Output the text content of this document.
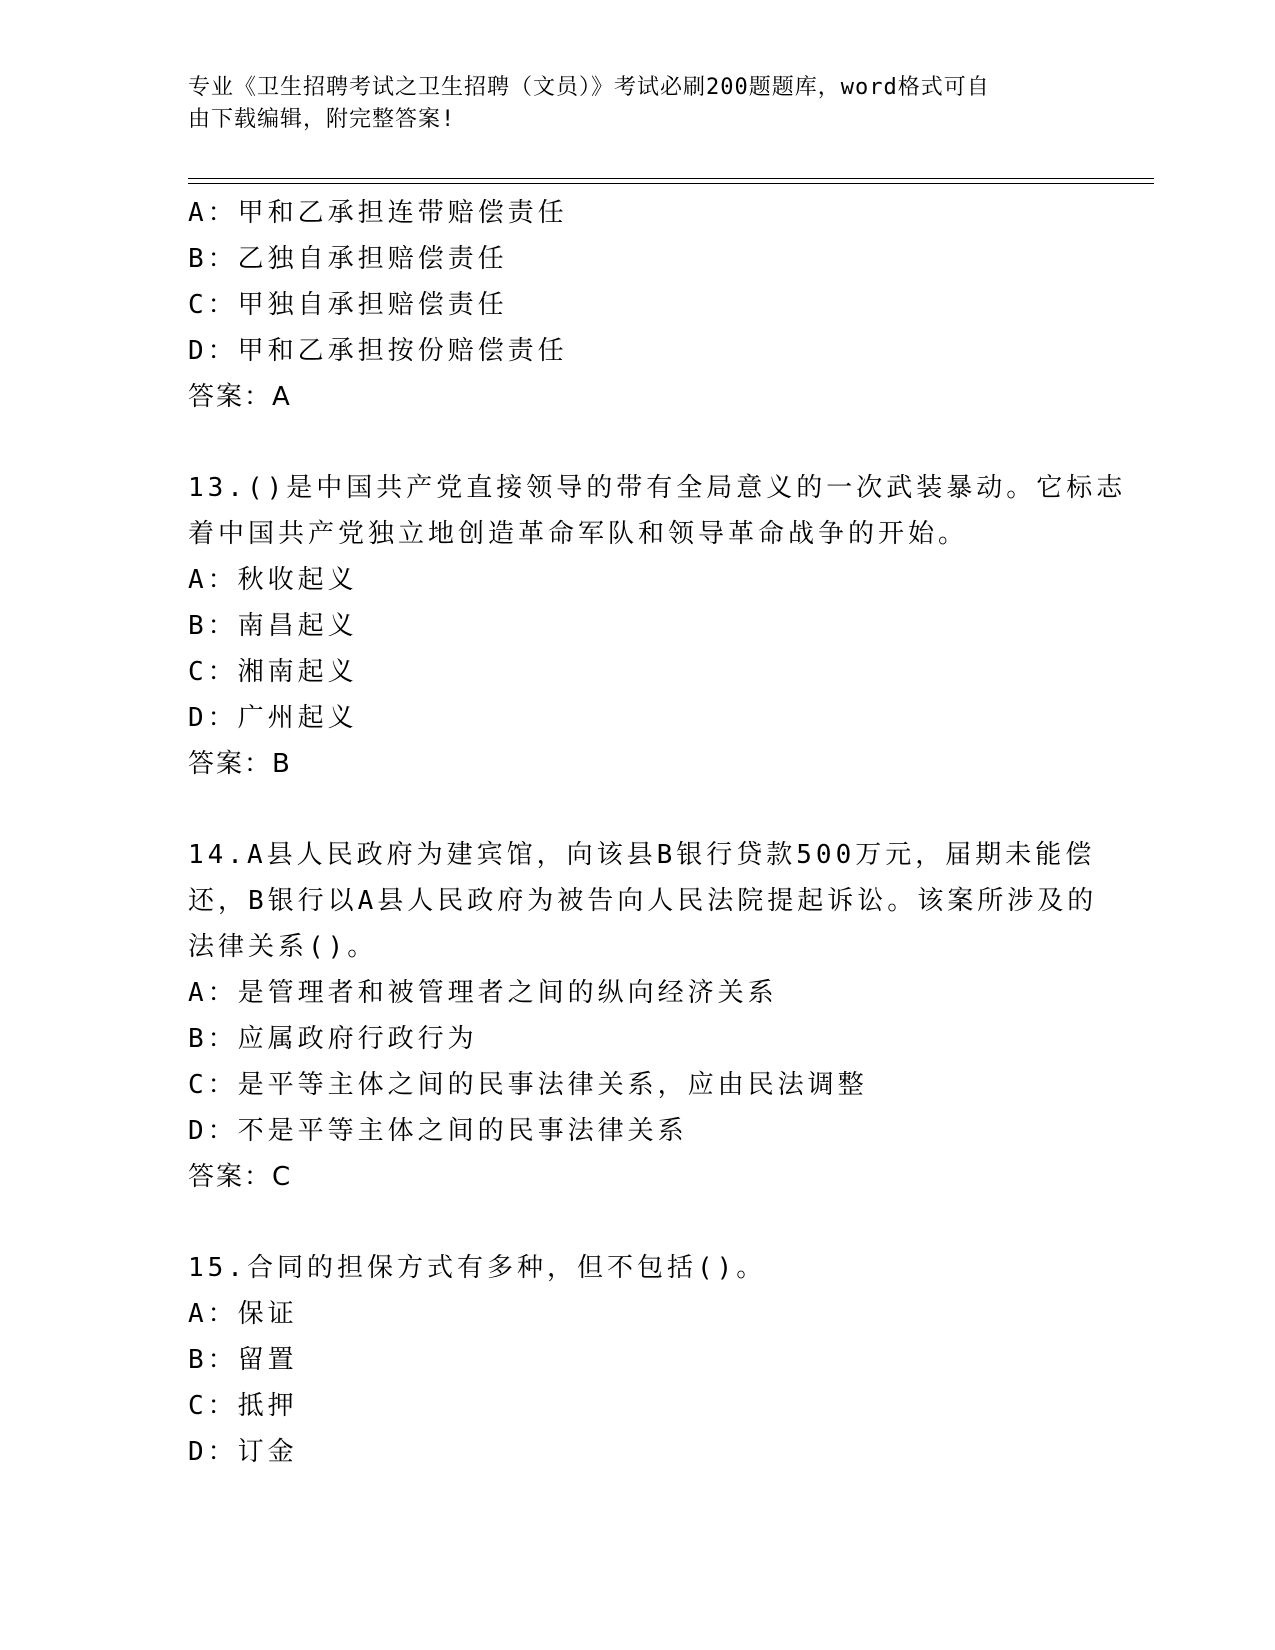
专业《卫生招聘考试之卫生招聘（文员）》考试必刷200题题库，word格式可自
由下载编辑，附完整答案!
A：甲和乙承担连带赔偿责任
B：乙独自承担赔偿责任
C：甲独自承担赔偿责任
D：甲和乙承担按份赔偿责任
答案：A
13.()是中国共产党直接领导的带有全局意义的一次武装暴动。它标志
着中国共产党独立地创造革命军队和领导革命战争的开始。
A：秋收起义
B：南昌起义
C：湘南起义
D：广州起义
答案：B
14.A县人民政府为建宾馆，向该县B银行贷款500万元，届期未能偿
还，B银行以A县人民政府为被告向人民法院提起诉讼。该案所涉及的
法律关系()。
A：是管理者和被管理者之间的纵向经济关系
B：应属政府行政行为
C：是平等主体之间的民事法律关系，应由民法调整
D：不是平等主体之间的民事法律关系
答案：C
15.合同的担保方式有多种，但不包括()。
A：保证
B：留置
C：抵押
D：订金
